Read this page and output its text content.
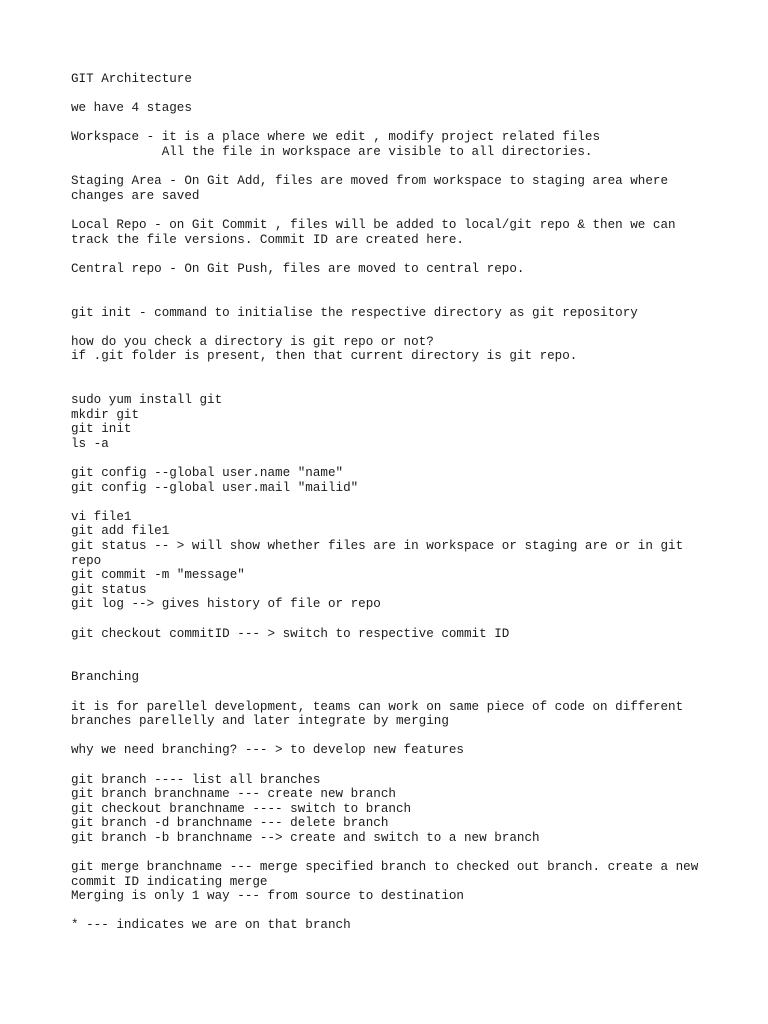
GIT Architecture
we have 4 stages
Workspace - it is a place where we edit , modify project related files
All the file in workspace are visible to all directories.
Staging Area - On Git Add, files are moved from workspace to staging area where
changes are saved
Local Repo - on Git Commit , files will be added to local/git repo & then we can
track the file versions. Commit ID are created here.
Central repo - On Git Push, files are moved to central repo.
git init - command to initialise the respective directory as git repository
how do you check a directory is git repo or not?
if .git folder is present, then that current directory is git repo.
sudo yum install git
mkdir git
git init
ls -a
git config --global user.name "name"
git config --global user.mail "mailid"
vi file1
git add file1
git status -- > will show whether files are in workspace or staging are or in git
repo
git commit -m "message"
git status
git log --> gives history of file or repo
git checkout commitID --- > switch to respective commit ID
Branching
it is for parellel development, teams can work on same piece of code on different
branches parellelly and later integrate by merging
why we need branching? --- > to develop new features
git branch ---- list all branches
git branch branchname --- create new branch
git checkout branchname ---- switch to branch
git branch -d branchname --- delete branch
git branch -b branchname --> create and switch to a new branch
git merge branchname --- merge specified branch to checked out branch. create a new
commit ID indicating merge
Merging is only 1 way --- from source to destination
* --- indicates we are on that branch
